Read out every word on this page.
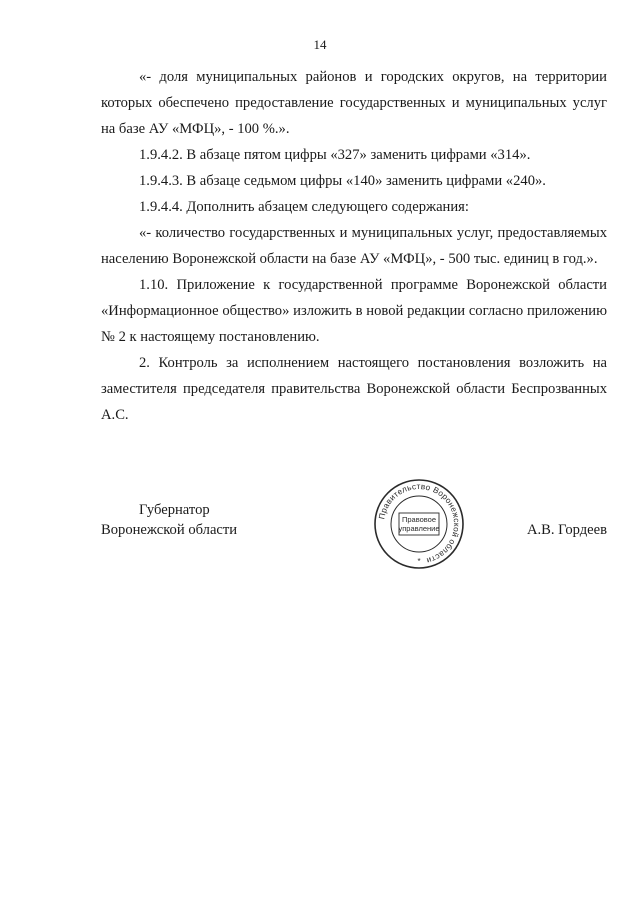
14

«- доля муниципальных районов и городских округов, на территории которых обеспечено предоставление государственных и муниципальных услуг на базе АУ «МФЦ», - 100 %.».

1.9.4.2. В абзаце пятом цифры «327» заменить цифрами «314».

1.9.4.3. В абзаце седьмом цифры «140» заменить цифрами «240».

1.9.4.4. Дополнить абзацем следующего содержания:

«- количество государственных и муниципальных услуг, предоставляемых населению Воронежской области на базе АУ «МФЦ», - 500 тыс. единиц в год.».

1.10. Приложение к государственной программе Воронежской области «Информационное общество» изложить в новой редакции согласно приложению № 2 к настоящему постановлению.

2. Контроль за исполнением настоящего постановления возложить на заместителя председателя правительства Воронежской области Беспрозванных А.С.

Губернатор
Воронежской области
Правительство Воронежской области
Правовое
управление
*
А.В. Гордеев
